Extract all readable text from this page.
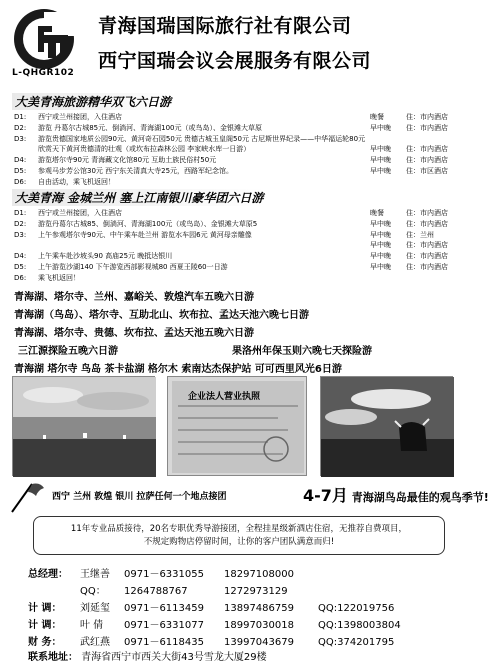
L-QHGR102
青海国瑞国际旅行社有限公司
西宁国瑞会议会展服务有限公司
大美青海旅游精华双飞六日游
D1: 西宁或兰州接团，入住酒店	晚餐	住：市内酒店
D2: 游览 丹葛尔古城85元、倒淌河、青海湖100元（或鸟岛）、金银滩大草原	早中晚 住：市内酒店
D3: 游览贵德国家地质公园90元、黄河奇石园50元 贵德古城玉皇阁50元 古尼斯世界纪录——中华福运轮80元
欣赏天下黄河贵德清的壮观（或坎布拉森林公园 李家峡水库一日游）	早中晚 住：市内酒店
D4: 游览塔尔寺90元 青海藏文化馆80元 互助土族民俗村50元	早中晚 住：市内酒店
D5: 参观马步芳公馆30元 西宁东关清真大寺25元，西路军纪念馆。	早中晚 住：市区酒店
D6: 自由活动，乘飞机返回！
大美青海 金城兰州 塞上江南银川豪华团六日游
D1: 西宁或兰州接团，入住酒店	晚餐	住：市内酒店
D2: 游览丹葛尔古城85、倒淌河、青海湖100元（或鸟岛）、金银滩大草原5	早中晚 住：市内酒店
D3: 上午参观塔尔寺90元、中午乘车赴兰州 游览水车园6元 黄河母亲雕像	早中晚 住：兰州
早中晚 住：市内酒店
D4: 上午乘车赴沙坡头90 高庙25元 晚抵达银川	早中晚 住：市内酒店
D5: 上午游览沙湖140 下午游览西部影视城80 西夏王陵60一日游	早中晚 住：市内酒店
D6: 乘飞机返回！
青海湖、塔尔寺、兰州、嘉峪关、敦煌汽车五晚六日游
青海湖（鸟岛）、塔尔寺、互助北山、坎布拉、孟达天池六晚七日游
青海湖、塔尔寺、贵德、坎布拉、孟达天池五晚六日游
三江源探险五晚六日游	果洛州年保玉则六晚七天探险游
青海湖 塔尔寺 鸟岛 茶卡盐湖 格尔木 索南达杰保护站 可可西里风光6日游
企业法人营业执照
西宁 兰州 敦煌 银川 拉萨任何一个地点接团	4-7月 青海湖鸟岛最佳的观鸟季节!
11年专业品质接待，20名专职优秀导游接团，全程挂星级新酒店住宿，无推荐自费项目，
不规定购物店停留时间，让你的客户团队满意而归!
总经理： 王继善 0971－6331055 18297108000
QQ： 1264788767	1272973129
计 调： 刘延玺 0971－6113459 13897486759 QQ:122019756
计 调： 叶 倩 0971－6331077 18997030018 QQ:1398003804
财 务： 武红燕 0971－6118435 13997043679 QQ:374201795
联系地址： 青海省西宁市西关大街43号雪龙大厦29楼
